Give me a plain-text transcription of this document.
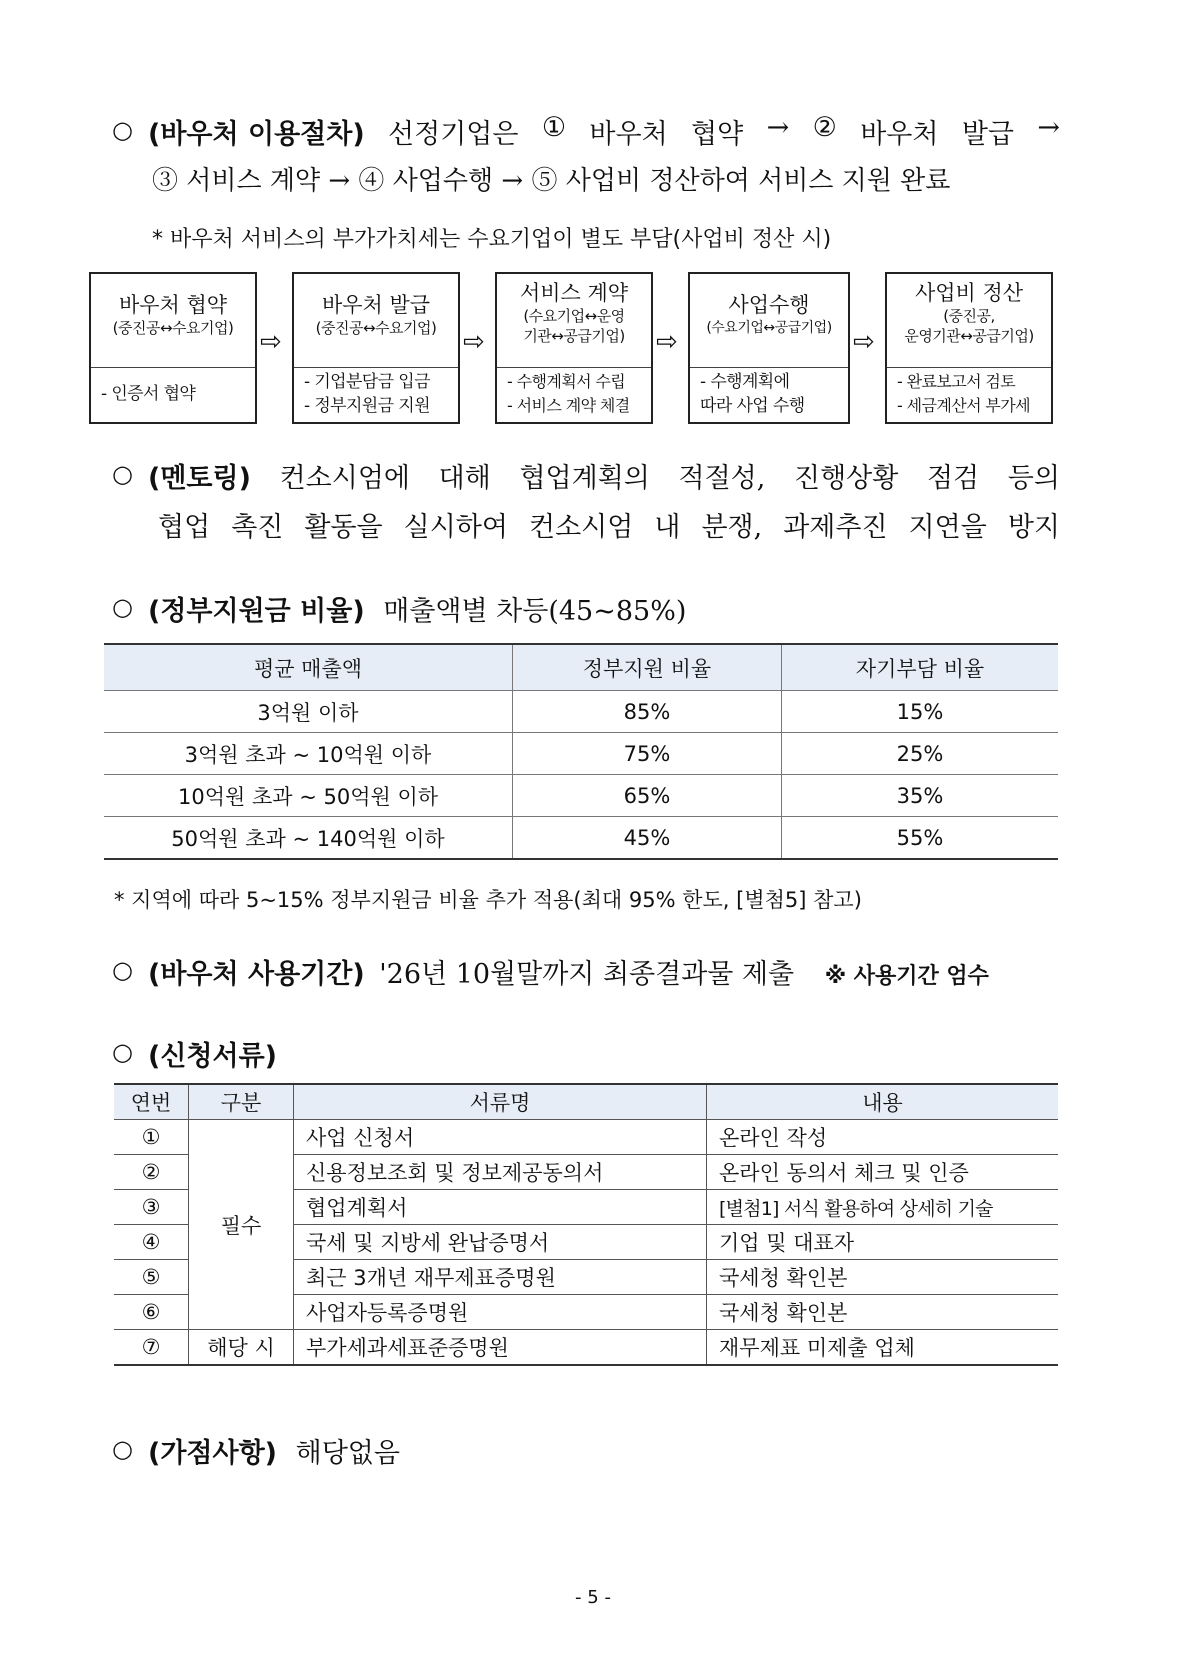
○ (바우처 이용절차) 선정기업은 ① 바우처 협약 → ② 바우처 발급 →
③ 서비스 계약 → ④ 사업수행 → ⑤ 사업비 정산하여 서비스 지원 완료
* 바우처 서비스의 부가가치세는 수요기업이 별도 부담(사업비 정산 시)
바우처 협약
(중진공↔수요기업)
- 인증서 협약
⇨
바우처 발급
(중진공↔수요기업)
- 기업분담금 입금
- 정부지원금 지원
⇨
서비스 계약
(수요기업↔운영
기관↔공급기업)
- 수행계획서 수립
- 서비스 계약 체결
⇨
사업수행
(수요기업↔공급기업)
- 수행계획에
따라 사업 수행
⇨
사업비 정산
(중진공,
운영기관↔공급기업)
- 완료보고서 검토
- 세금계산서 부가세
○ (멘토링) 컨소시엄에 대해 협업계획의 적절성, 진행상황 점검 등의
협업 촉진 활동을 실시하여 컨소시엄 내 분쟁, 과제추진 지연을 방지
○ (정부지원금 비율) 매출액별 차등(45~85%)
평균 매출액	정부지원 비율	자기부담 비율
3억원 이하	85%	15%
3억원 초과 ~ 10억원 이하	75%	25%
10억원 초과 ~ 50억원 이하	65%	35%
50억원 초과 ~ 140억원 이하	45%	55%
* 지역에 따라 5~15% 정부지원금 비율 추가 적용(최대 95% 한도, [별첨5] 참고)
○ (바우처 사용기간) '26년 10월말까지 최종결과물 제출 ※ 사용기간 엄수
○ (신청서류)
연번	구분	서류명	내용
①	필수	사업 신청서	온라인 작성
②		신용정보조회 및 정보제공동의서	온라인 동의서 체크 및 인증
③		협업계획서	[별첨1] 서식 활용하여 상세히 기술
④		국세 및 지방세 완납증명서	기업 및 대표자
⑤		최근 3개년 재무제표증명원	국세청 확인본
⑥		사업자등록증명원	국세청 확인본
⑦	해당 시	부가세과세표준증명원	재무제표 미제출 업체
○ (가점사항) 해당없음
- 5 -
